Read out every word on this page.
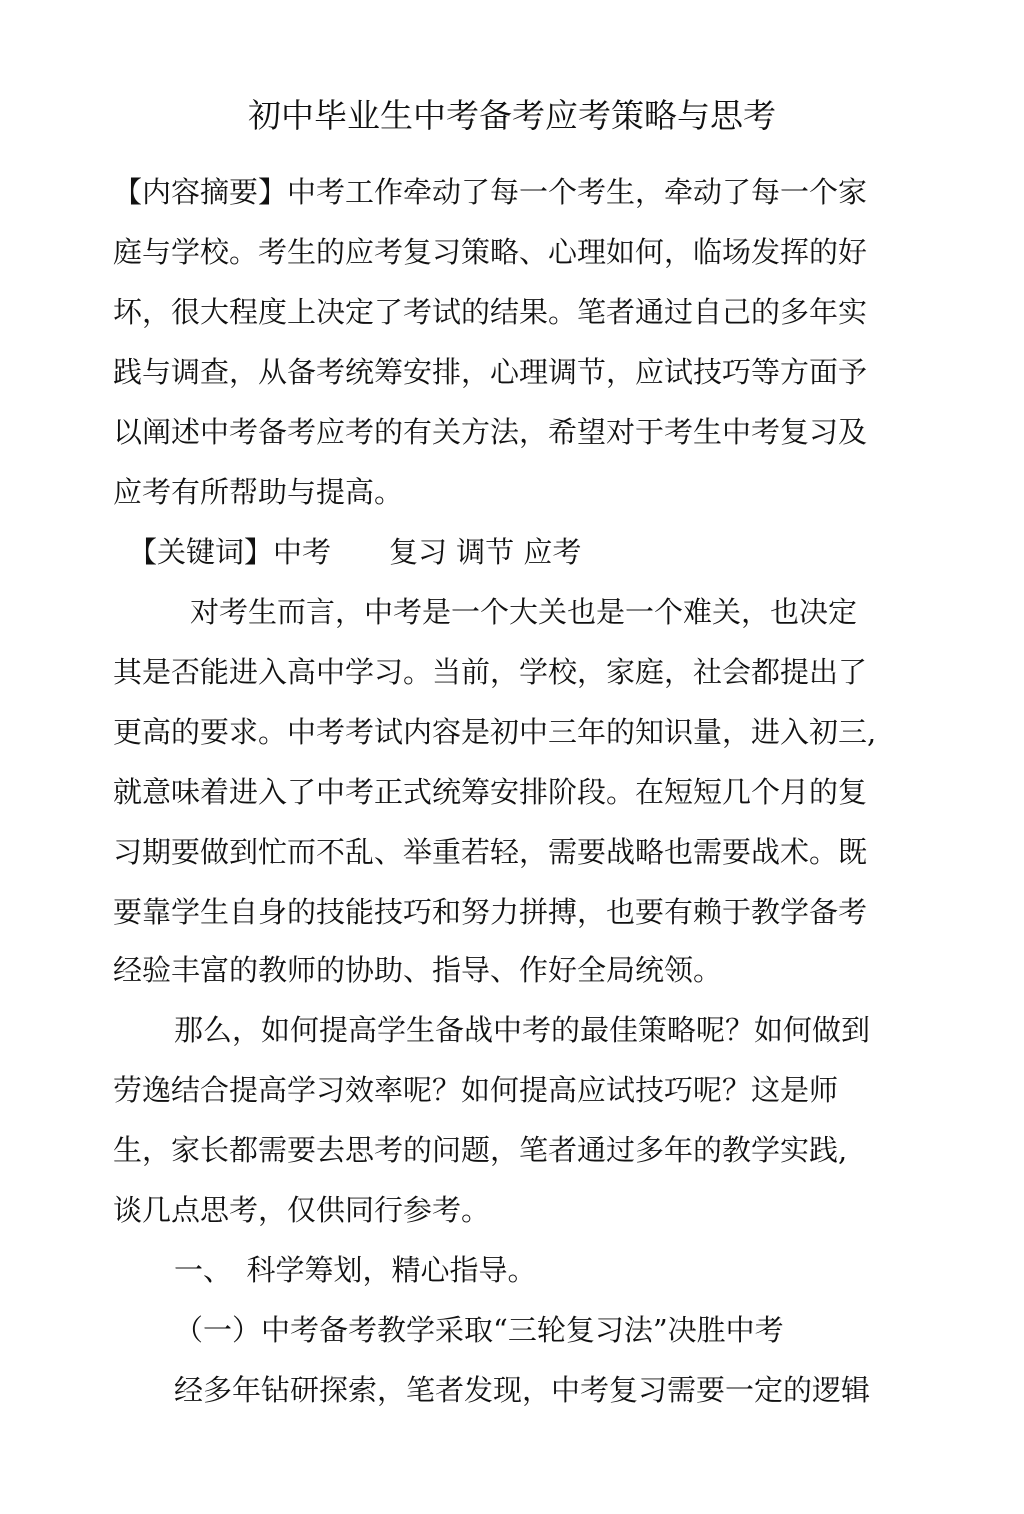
初中毕业生中考备考应考策略与思考
【内容摘要】中考工作牵动了每一个考生，牵动了每一个家
庭与学校。考生的应考复习策略、心理如何，临场发挥的好
坏，很大程度上决定了考试的结果。笔者通过自己的多年实
践与调查，从备考统筹安排，心理调节，应试技巧等方面予
以阐述中考备考应考的有关方法，希望对于考生中考复习及
应考有所帮助与提高。
【关键词】中考　　复习 调节 应考
对考生而言，中考是一个大关也是一个难关，也决定
其是否能进入高中学习。当前，学校，家庭，社会都提出了
更高的要求。中考考试内容是初中三年的知识量，进入初三,
就意味着进入了中考正式统筹安排阶段。在短短几个月的复
习期要做到忙而不乱、举重若轻，需要战略也需要战术。既
要靠学生自身的技能技巧和努力拼搏，也要有赖于教学备考
经验丰富的教师的协助、指导、作好全局统领。
那么，如何提高学生备战中考的最佳策略呢？如何做到
劳逸结合提高学习效率呢？如何提高应试技巧呢？这是师
生，家长都需要去思考的问题，笔者通过多年的教学实践,
谈几点思考，仅供同行参考。
一、　科学筹划，精心指导。
（一）中考备考教学采取“三轮复习法”决胜中考
经多年钻研探索，笔者发现，中考复习需要一定的逻辑
